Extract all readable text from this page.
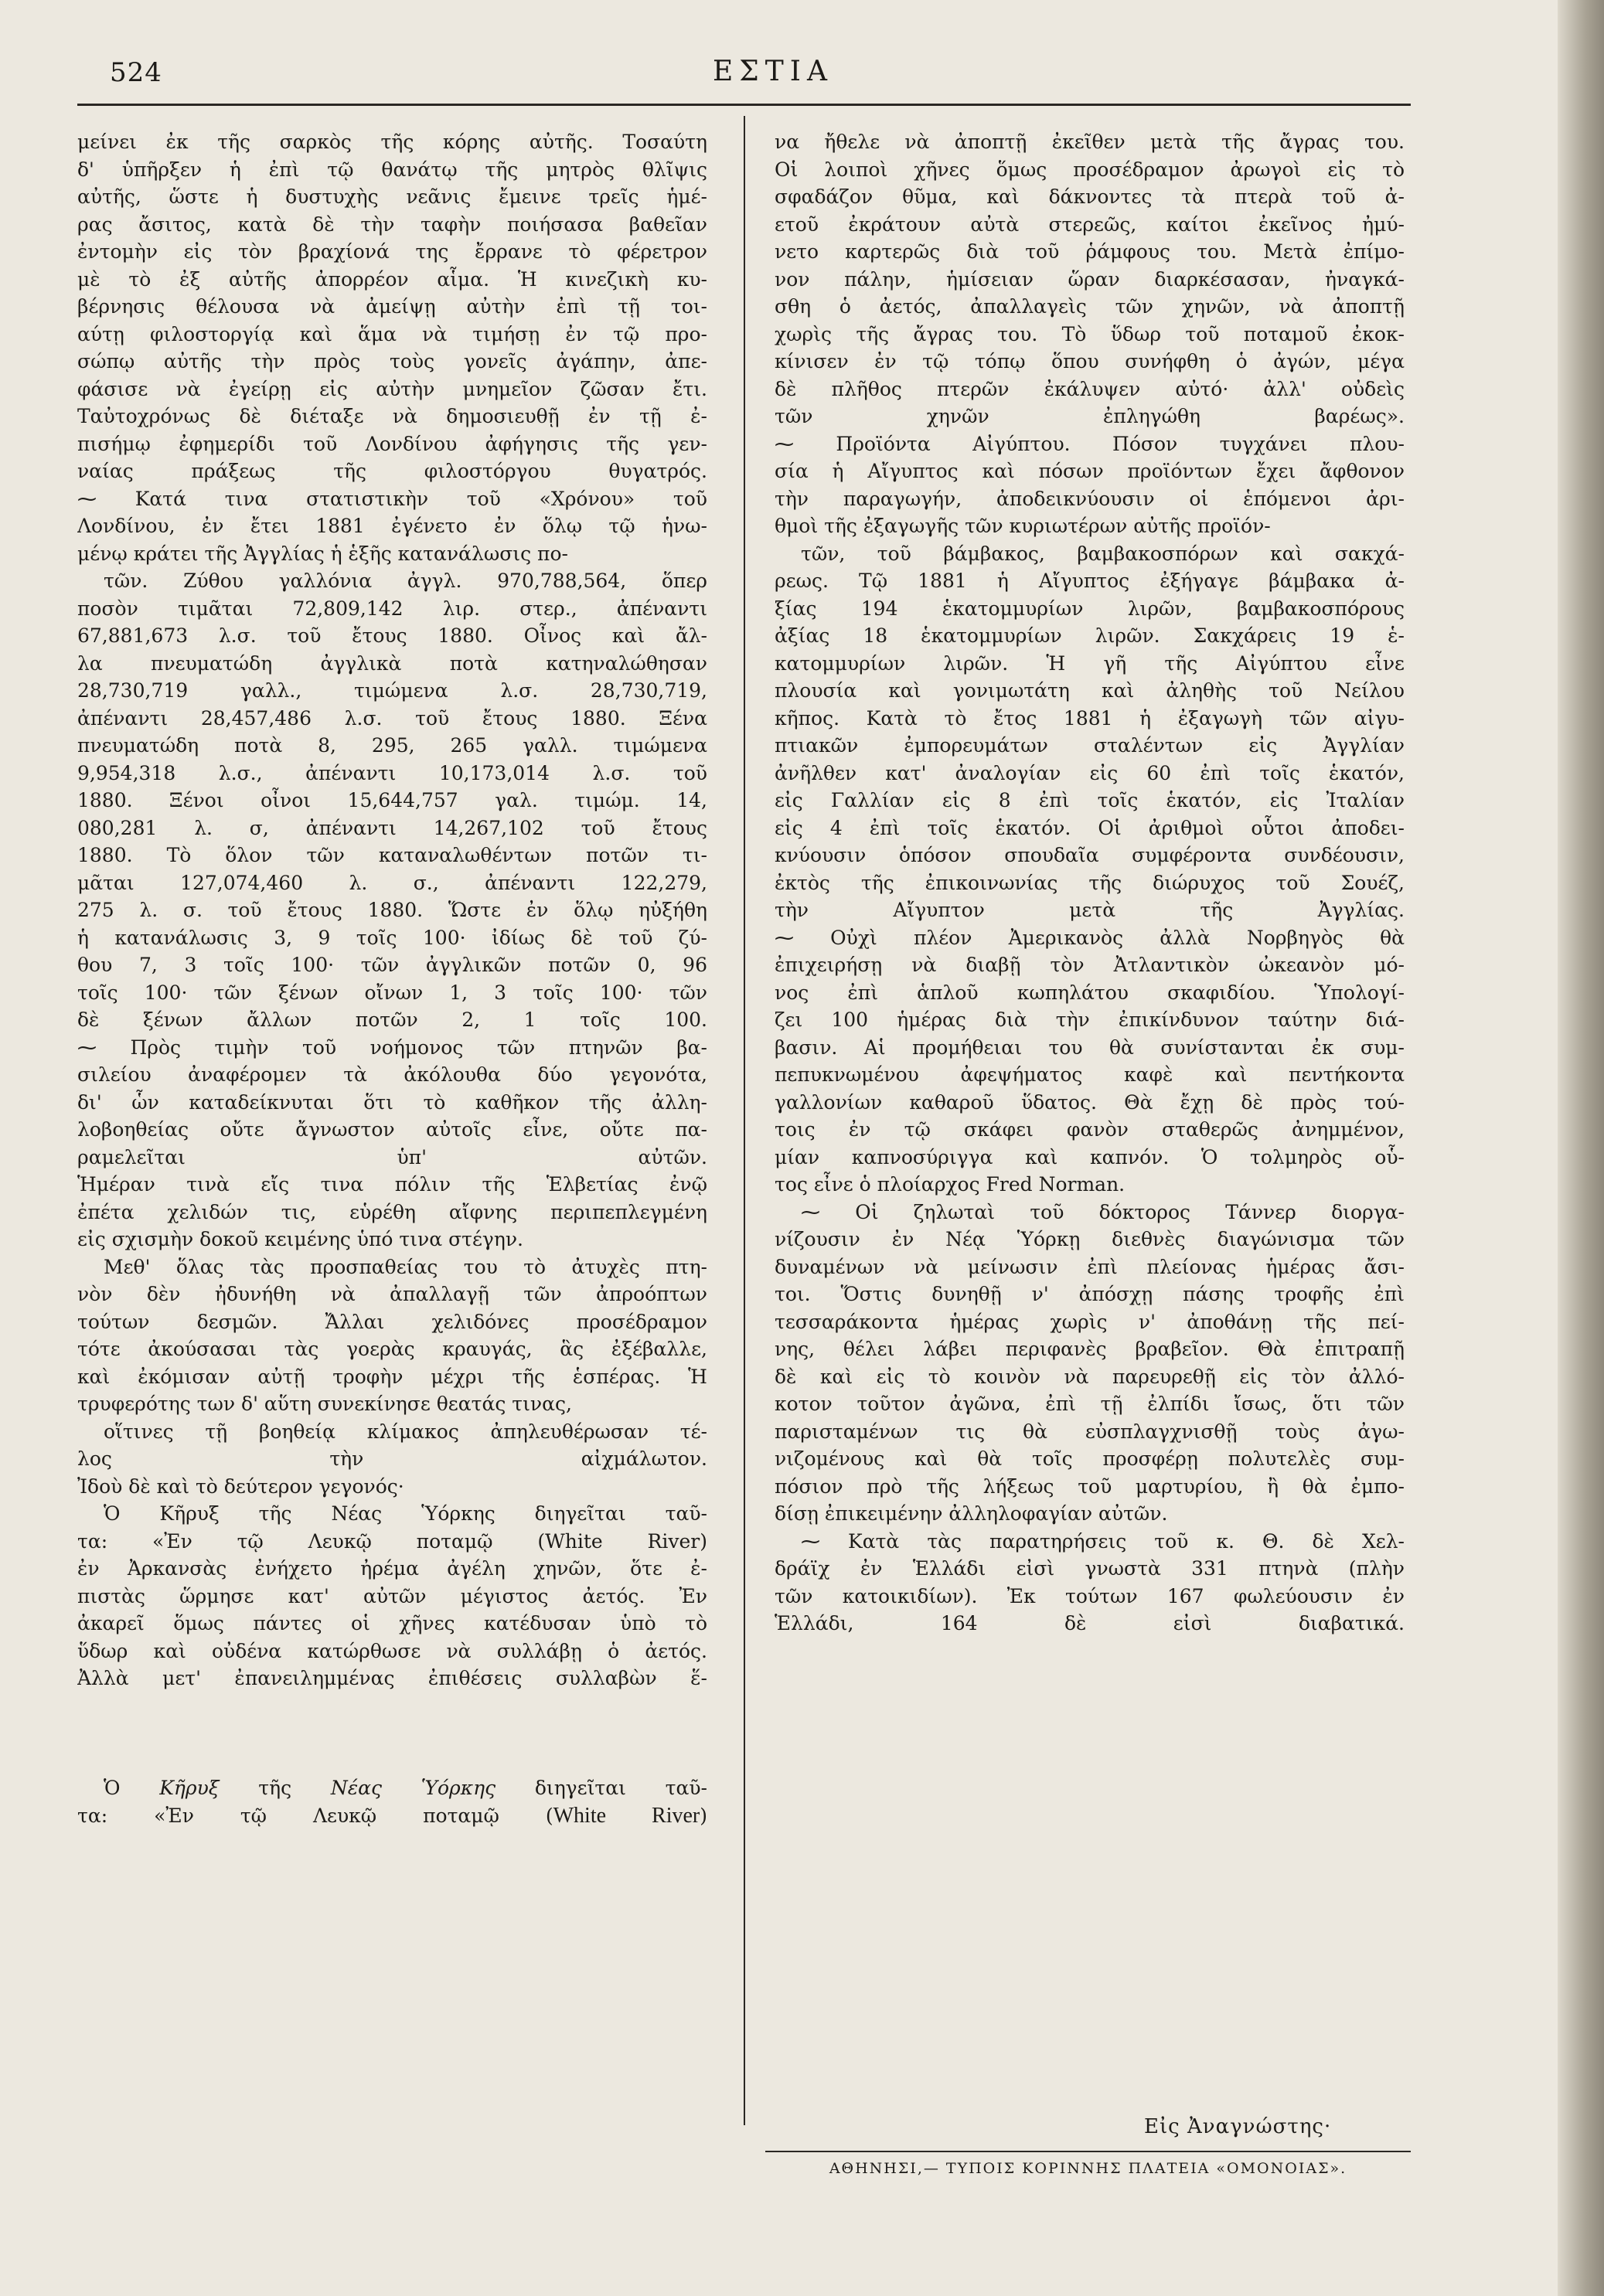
524	ΕΣΤΙΑ
μείνει ἐκ τῆς σαρκὸς τῆς κόρης αὐτῆς. Τοσαύτη
δ' ὑπῆρξεν ἡ ἐπὶ τῷ θανάτῳ τῆς μητρὸς θλῖψις
αὐτῆς, ὥστε ἡ δυστυχὴς νεᾶνις ἔμεινε τρεῖς ἡμέ-
ρας ἄσιτος, κατὰ δὲ τὴν ταφὴν ποιήσασα βαθεῖαν
ἐντομὴν εἰς τὸν βραχίονά της ἔρρανε τὸ φέρετρον
μὲ τὸ ἐξ αὐτῆς ἀπορρέον αἷμα. Ἡ κινεζικὴ κυ-
βέρνησις θέλουσα νὰ ἀμείψῃ αὐτὴν ἐπὶ τῇ τοι-
αύτῃ φιλοστοργίᾳ καὶ ἅμα νὰ τιμήσῃ ἐν τῷ προ-
σώπῳ αὐτῆς τὴν πρὸς τοὺς γονεῖς ἀγάπην, ἀπε-
φάσισε νὰ ἐγείρῃ εἰς αὐτὴν μνημεῖον ζῶσαν ἔτι.
Ταὐτοχρόνως δὲ διέταξε νὰ δημοσιευθῇ ἐν τῇ ἐ-
πισήμῳ ἐφημερίδι τοῦ Λονδίνου ἀφήγησις τῆς γεν-
ναίας πράξεως τῆς φιλοστόργου θυγατρός.
⁓ Κατά τινα στατιστικὴν τοῦ «Χρόνου» τοῦ
Λονδίνου, ἐν ἔτει 1881 ἐγένετο ἐν ὅλῳ τῷ ἡνω-
μένῳ κράτει τῆς Ἀγγλίας ἡ ἑξῆς κατανάλωσις πο-
τῶν. Ζύθου γαλλόνια ἀγγλ. 970,788,564, ὅπερ
ποσὸν τιμᾶται 72,809,142 λιρ. στερ., ἀπέναντι
67,881,673 λ.σ. τοῦ ἔτους 1880. Οἶνος καὶ ἄλ-
λα πνευματώδη ἀγγλικὰ ποτὰ κατηναλώθησαν
28,730,719 γαλλ., τιμώμενα λ.σ. 28,730,719,
ἀπέναντι 28,457,486 λ.σ. τοῦ ἔτους 1880. Ξένα
πνευματώδη ποτὰ 8, 295, 265 γαλλ. τιμώμενα
9,954,318 λ.σ., ἀπέναντι 10,173,014 λ.σ. τοῦ
1880. Ξένοι οἶνοι 15,644,757 γαλ. τιμώμ. 14,
080,281 λ. σ, ἀπέναντι 14,267,102 τοῦ ἔτους
1880. Τὸ ὅλον τῶν καταναλωθέντων ποτῶν τι-
μᾶται 127,074,460 λ. σ., ἀπέναντι 122,279,
275 λ. σ. τοῦ ἔτους 1880. Ὥστε ἐν ὅλῳ ηὐξήθη
ἡ κατανάλωσις 3, 9 τοῖς 100· ἰδίως δὲ τοῦ ζύ-
θου 7, 3 τοῖς 100· τῶν ἀγγλικῶν ποτῶν 0, 96
τοῖς 100· τῶν ξένων οἴνων 1, 3 τοῖς 100· τῶν
δὲ ξένων ἄλλων ποτῶν 2, 1 τοῖς 100.
⁓ Πρὸς τιμὴν τοῦ νοήμονος τῶν πτηνῶν βα-
σιλείου ἀναφέρομεν τὰ ἀκόλουθα δύο γεγονότα,
δι' ὧν καταδείκνυται ὅτι τὸ καθῆκον τῆς ἀλλη-
λοβοηθείας οὔτε ἄγνωστον αὐτοῖς εἶνε, οὔτε πα-
ραμελεῖται ὑπ' αὐτῶν.
Ἡμέραν τινὰ εἴς τινα πόλιν τῆς Ἑλβετίας ἐνῷ
ἐπέτα χελιδών τις, εὑρέθη αἴφνης περιπεπλεγμένη
εἰς σχισμὴν δοκοῦ κειμένης ὑπό τινα στέγην.
Μεθ' ὅλας τὰς προσπαθείας του τὸ ἀτυχὲς πτη-
νὸν δὲν ἠδυνήθη νὰ ἀπαλλαγῇ τῶν ἀπροόπτων
τούτων δεσμῶν. Ἄλλαι χελιδόνες προσέδραμον
τότε ἀκούσασαι τὰς γοερὰς κραυγάς, ἃς ἐξέβαλλε,
καὶ ἐκόμισαν αὐτῇ τροφὴν μέχρι τῆς ἑσπέρας. Ἡ
τρυφερότης των δ' αὕτη συνεκίνησε θεατάς τινας,
οἵτινες τῇ βοηθείᾳ κλίμακος ἀπηλευθέρωσαν τέ-
λος τὴν αἰχμάλωτον.
Ἰδοὺ δὲ καὶ τὸ δεύτερον γεγονός·
Ὁ Κῆρυξ τῆς Νέας Ὑόρκης διηγεῖται ταῦ-
τα: «Ἐν τῷ Λευκῷ ποταμῷ (White River)
ἐν Ἀρκανσὰς ἐνήχετο ἠρέμα ἀγέλη χηνῶν, ὅτε ἐ-
πιστὰς ὥρμησε κατ' αὐτῶν μέγιστος ἀετός. Ἐν
ἀκαρεῖ ὅμως πάντες οἱ χῆνες κατέδυσαν ὑπὸ τὸ
ὕδωρ καὶ οὐδένα κατώρθωσε νὰ συλλάβῃ ὁ ἀετός.
Ἀλλὰ μετ' ἐπανειλημμένας ἐπιθέσεις συλλαβὼν ἕ-
Ὁ Κῆρυξ τῆς Νέας Ὑόρκης διηγεῖται ταῦ-
τα: «Ἐν τῷ Λευκῷ ποταμῷ (White River)
να ἤθελε νὰ ἀποπτῇ ἐκεῖθεν μετὰ τῆς ἄγρας του.
Οἱ λοιποὶ χῆνες ὅμως προσέδραμον ἀρωγοὶ εἰς τὸ
σφαδάζον θῦμα, καὶ δάκνοντες τὰ πτερὰ τοῦ ἀ-
ετοῦ ἐκράτουν αὐτὰ στερεῶς, καίτοι ἐκεῖνος ἠμύ-
νετο καρτερῶς διὰ τοῦ ῥάμφους του. Μετὰ ἐπίμο-
νον πάλην, ἡμίσειαν ὥραν διαρκέσασαν, ἠναγκά-
σθη ὁ ἀετός, ἀπαλλαγεὶς τῶν χηνῶν, νὰ ἀποπτῇ
χωρὶς τῆς ἄγρας του. Τὸ ὕδωρ τοῦ ποταμοῦ ἐκοκ-
κίνισεν ἐν τῷ τόπῳ ὅπου συνήφθη ὁ ἀγών, μέγα
δὲ πλῆθος πτερῶν ἐκάλυψεν αὐτό· ἀλλ' οὐδεὶς
τῶν χηνῶν ἐπληγώθη βαρέως».
⁓ Προϊόντα Αἰγύπτου. Πόσον τυγχάνει πλου-
σία ἡ Αἴγυπτος καὶ πόσων προϊόντων ἔχει ἄφθονον
τὴν παραγωγήν, ἀποδεικνύουσιν οἱ ἑπόμενοι ἀρι-
θμοὶ τῆς ἐξαγωγῆς τῶν κυριωτέρων αὐτῆς προϊόν-
τῶν, τοῦ βάμβακος, βαμβακοσπόρων καὶ σακχά-
ρεως. Τῷ 1881 ἡ Αἴγυπτος ἐξήγαγε βάμβακα ἀ-
ξίας 194 ἑκατομμυρίων λιρῶν, βαμβακοσπόρους
ἀξίας 18 ἑκατομμυρίων λιρῶν. Σακχάρεις 19 ἑ-
κατομμυρίων λιρῶν. Ἡ γῆ τῆς Αἰγύπτου εἶνε
πλουσία καὶ γονιμωτάτη καὶ ἀληθὴς τοῦ Νείλου
κῆπος. Κατὰ τὸ ἔτος 1881 ἡ ἐξαγωγὴ τῶν αἰγυ-
πτιακῶν ἐμπορευμάτων σταλέντων εἰς Ἀγγλίαν
ἀνῆλθεν κατ' ἀναλογίαν εἰς 60 ἐπὶ τοῖς ἑκατόν,
εἰς Γαλλίαν εἰς 8 ἐπὶ τοῖς ἑκατόν, εἰς Ἰταλίαν
εἰς 4 ἐπὶ τοῖς ἑκατόν. Οἱ ἀριθμοὶ οὗτοι ἀποδει-
κνύουσιν ὁπόσον σπουδαῖα συμφέροντα συνδέουσιν,
ἐκτὸς τῆς ἐπικοινωνίας τῆς διώρυχος τοῦ Σουέζ,
τὴν Αἴγυπτον μετὰ τῆς Ἀγγλίας.
⁓ Οὐχὶ πλέον Ἀμερικανὸς ἀλλὰ Νορβηγὸς θὰ
ἐπιχειρήσῃ νὰ διαβῇ τὸν Ἀτλαντικὸν ὠκεανὸν μό-
νος ἐπὶ ἁπλοῦ κωπηλάτου σκαφιδίου. Ὑπολογί-
ζει 100 ἡμέρας διὰ τὴν ἐπικίνδυνον ταύτην διά-
βασιν. Αἱ προμήθειαι του θὰ συνίστανται ἐκ συμ-
πεπυκνωμένου ἀφεψήματος καφὲ καὶ πεντήκοντα
γαλλονίων καθαροῦ ὕδατος. Θὰ ἔχῃ δὲ πρὸς τού-
τοις ἐν τῷ σκάφει φανὸν σταθερῶς ἀνημμένον,
μίαν καπνοσύριγγα καὶ καπνόν. Ὁ τολμηρὸς οὗ-
τος εἶνε ὁ πλοίαρχος Fred Norman.
⁓ Οἱ ζηλωταὶ τοῦ δόκτορος Τάννερ διοργα-
νίζουσιν ἐν Νέᾳ Ὑόρκῃ διεθνὲς διαγώνισμα τῶν
δυναμένων νὰ μείνωσιν ἐπὶ πλείονας ἡμέρας ἄσι-
τοι. Ὅστις δυνηθῇ ν' ἀπόσχῃ πάσης τροφῆς ἐπὶ
τεσσαράκοντα ἡμέρας χωρὶς ν' ἀποθάνῃ τῆς πεί-
νης, θέλει λάβει περιφανὲς βραβεῖον. Θὰ ἐπιτραπῇ
δὲ καὶ εἰς τὸ κοινὸν νὰ παρευρεθῇ εἰς τὸν ἀλλό-
κοτον τοῦτον ἀγῶνα, ἐπὶ τῇ ἐλπίδι ἴσως, ὅτι τῶν
παρισταμένων τις θὰ εὐσπλαγχνισθῇ τοὺς ἀγω-
νιζομένους καὶ θὰ τοῖς προσφέρῃ πολυτελὲς συμ-
πόσιον πρὸ τῆς λήξεως τοῦ μαρτυρίου, ἢ θὰ ἐμπο-
δίσῃ ἐπικειμένην ἀλληλοφαγίαν αὐτῶν.
⁓ Κατὰ τὰς παρατηρήσεις τοῦ κ. Θ. δὲ Χελ-
δράϊχ ἐν Ἑλλάδι εἰσὶ γνωστὰ 331 πτηνὰ (πλὴν
τῶν κατοικιδίων). Ἐκ τούτων 167 φωλεύουσιν ἐν
Ἑλλάδι, 164 δὲ εἰσὶ διαβατικά.
Εἰς Ἀναγνώστης·
ΑΘΗΝΗΣΙ,— ΤΥΠΟΙΣ ΚΟΡΙΝΝΗΣ ΠΛΑΤΕΙΑ «ΟΜΟΝΟΙΑΣ».
